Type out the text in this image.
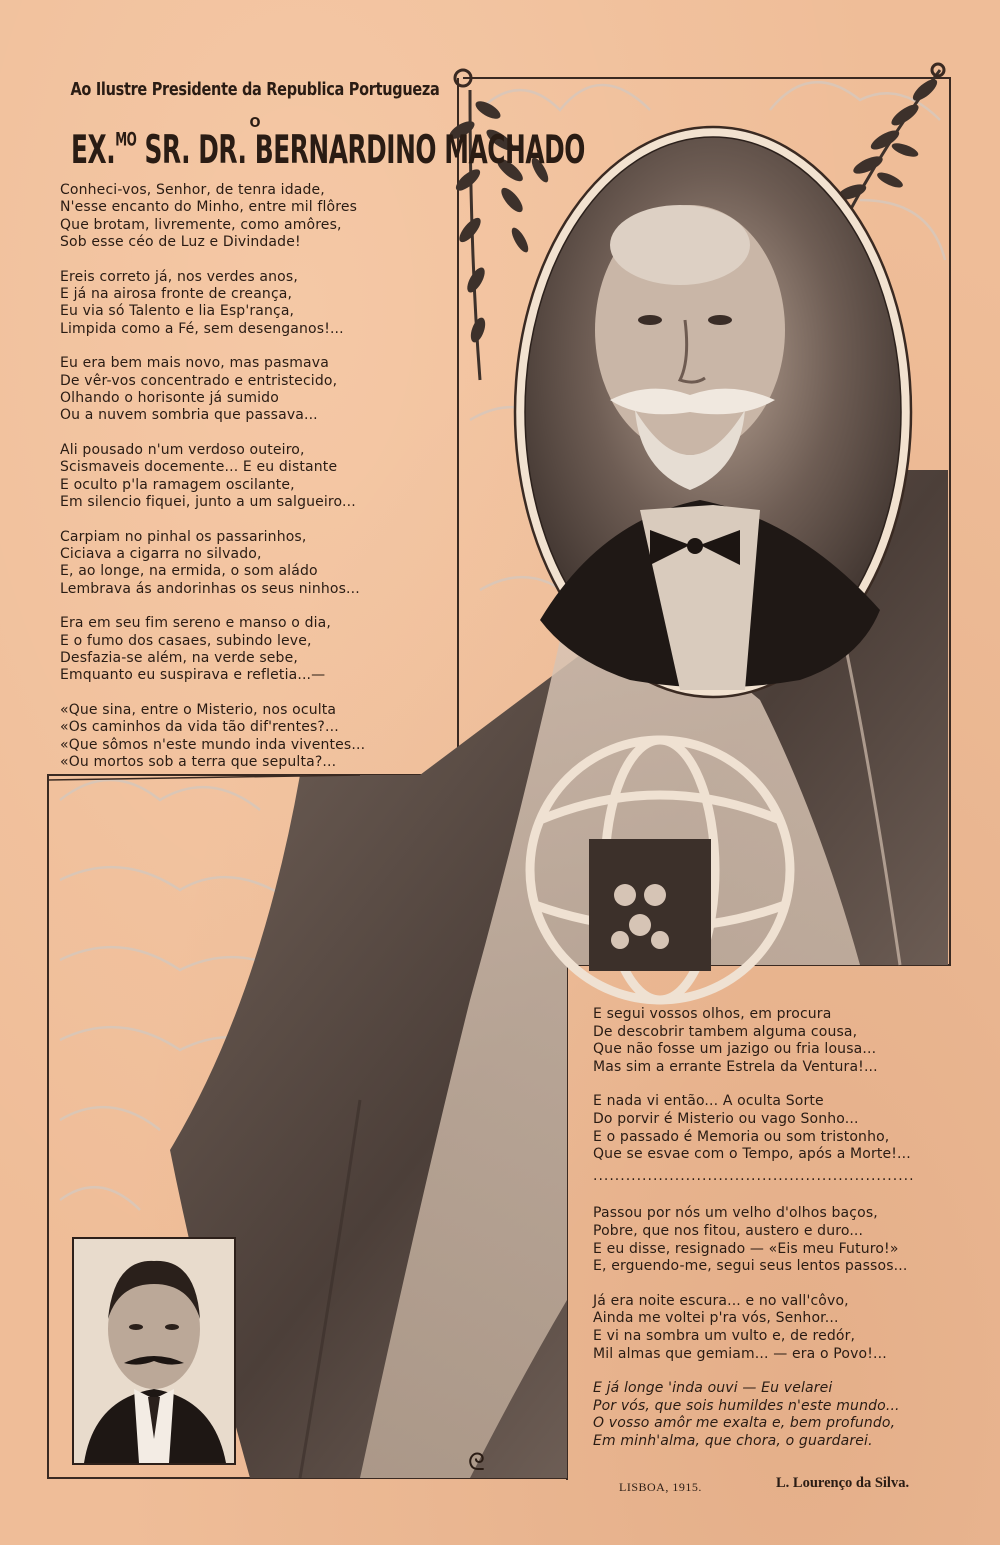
ᘓ
Ao Ilustre Presidente da Republica Portugueza
O
EX.$^{MO}$ SR. DR. BERNARDINO MACHADO
Conheci-vos, Senhor, de tenra idade,
N'esse encanto do Minho, entre mil flôres
Que brotam, livremente, como amôres,
Sob esse céo de Luz e Divindade!
Ereis correto já, nos verdes anos,
E já na airosa fronte de creança,
Eu via só Talento e lia Esp'rança,
Limpida como a Fé, sem desenganos!...
Eu era bem mais novo, mas pasmava
De vêr-vos concentrado e entristecido,
Olhando o horisonte já sumido
Ou a nuvem sombria que passava...
Ali pousado n'um verdoso outeiro,
Scismaveis docemente... E eu distante
E oculto p'la ramagem oscilante,
Em silencio fiquei, junto a um salgueiro...
Carpiam no pinhal os passarinhos,
Ciciava a cigarra no silvado,
E, ao longe, na ermida, o som aládo
Lembrava ás andorinhas os seus ninhos...
Era em seu fim sereno e manso o dia,
E o fumo dos casaes, subindo leve,
Desfazia-se além, na verde sebe,
Emquanto eu suspirava e refletia...—
«Que sina, entre o Misterio, nos oculta
«Os caminhos da vida tão dif'rentes?...
«Que sômos n'este mundo inda viventes...
«Ou mortos sob a terra que sepulta?...
E segui vossos olhos, em procura
De descobrir tambem alguma cousa,
Que não fosse um jazigo ou fria lousa...
Mas sim a errante Estrela da Ventura!...
E nada vi então... A oculta Sorte
Do porvir é Misterio ou vago Sonho...
E o passado é Memoria ou som tristonho,
Que se esvae com o Tempo, após a Morte!...
...........................................................
Passou por nós um velho d'olhos baços,
Pobre, que nos fitou, austero e duro...
E eu disse, resignado — «Eis meu Futuro!»
E, erguendo-me, segui seus lentos passos...
Já era noite escura... e no vall'côvo,
Ainda me voltei p'ra vós, Senhor...
E vi na sombra um vulto e, de redór,
Mil almas que gemiam... — era o Povo!...
E já longe 'inda ouvi — Eu velarei
Por vós, que sois humildes n'este mundo...
O vosso amôr me exalta e, bem profundo,
Em minh'alma, que chora, o guardarei.
LISBOA, 1915.	L. Lourenço da Silva.
